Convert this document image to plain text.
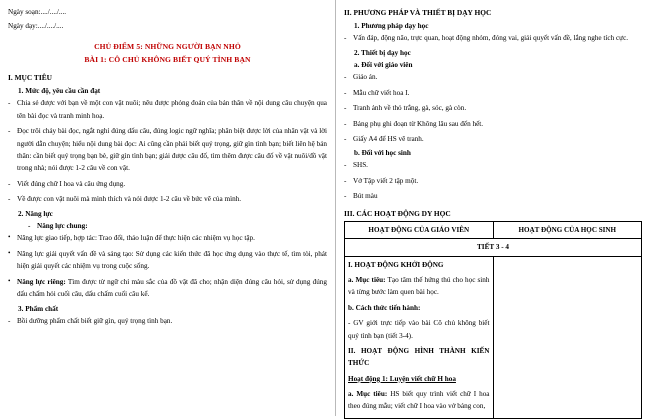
Ngày soạn:..../..../....
Ngày dạy:..../..../....
CHỦ ĐIỂM 5: NHỮNG NGƯỜI BẠN NHỎ
BÀI 1: CÔ CHỦ KHÔNG BIẾT QUÝ TÌNH BẠN
I. MỤC TIÊU
1. Mức độ, yêu cầu cần đạt

- Chia sẻ được với bạn về một con vật nuôi; nêu được phỏng đoán của bản thân về nội dung câu chuyện qua tên bài đọc và tranh minh hoạ.

- Đọc trôi chảy bài đọc, ngắt nghỉ đúng dấu câu, đúng logic ngữ nghĩa; phân biệt được lời của nhân vật và lời người dẫn chuyện; hiểu nội dung bài đọc: Ai cũng cần phải biết quý trọng, giữ gìn tình bạn; biết liên hệ bản thân: cần biết quý trọng bạn bè, giữ gìn tình bạn; giải được câu đố, tìm thêm được câu đố về vật nuôi/đồ vật trong nhà; nói được 1-2 câu về con vật.

- Viết đúng chữ I hoa và câu ứng dụng.

- Về được con vật nuôi mà mình thích và nói được 1-2 câu về bức vẽ của mình.

2. Năng lực
- Năng lực chung:

• Năng lực giao tiếp, hợp tác: Trao đổi, thảo luận để thực hiện các nhiệm vụ học tập.

• Năng lực giải quyết vấn đề và sáng tạo: Sử dụng các kiến thức đã học ứng dụng vào thực tế, tìm tòi, phát hiện giải quyết các nhiệm vụ trong cuộc sống.

• Năng lực riêng: Tìm được từ ngữ chỉ màu sắc của đồ vật đã cho; nhận diện đúng câu hỏi, sử dụng đúng dấu chấm hỏi cuối câu, dấu chấm cuối câu kể.

3. Phẩm chất

- Bồi dưỡng phẩm chất biết giữ gìn, quý trọng tình bạn.

II. PHƯƠNG PHÁP VÀ THIẾT BỊ DẠY HỌC
1. Phương pháp dạy học

- Vấn đáp, động não, trực quan, hoạt động nhóm, đóng vai, giải quyết vấn đề, lắng nghe tích cực.

2. Thiết bị dạy học
a. Đối với giáo viên

- Giáo án.

- Mẫu chữ viết hoa I.

- Tranh ảnh về thỏ trắng, gà, sóc, gà còn.

- Bảng phụ ghi đoạn từ Không lâu sau đến hết.

- Giấy A4 để HS vẽ tranh.

b. Đối với học sinh

- SHS.

- Vở Tập viết 2 tập một.

- Bút màu

III. CÁC HOẠT ĐỘNG DY HỌC
HOẠT ĐỘNG CỦA GIÁO VIÊN	HOẠT ĐỘNG CỦA HỌC SINH
TIẾT 3 - 4	

I. HOẠT ĐỘNG KHỞI ĐỘNG

a. Mục tiêu: Tạo tâm thế hứng thú cho học sinh và từng bước làm quen bài học.

b. Cách thức tiến hành:

- GV giới trực tiếp vào bài Cô chủ không biết quý tình bạn (tiết 3-4).

II. HOẠT ĐỘNG HÌNH THÀNH KIẾN THỨC

Hoạt động 1: Luyện viết chữ H hoa

a. Mục tiêu: HS biết quy trình viết chữ I hoa theo đúng mẫu; viết chữ I hoa vào vở bảng con,
